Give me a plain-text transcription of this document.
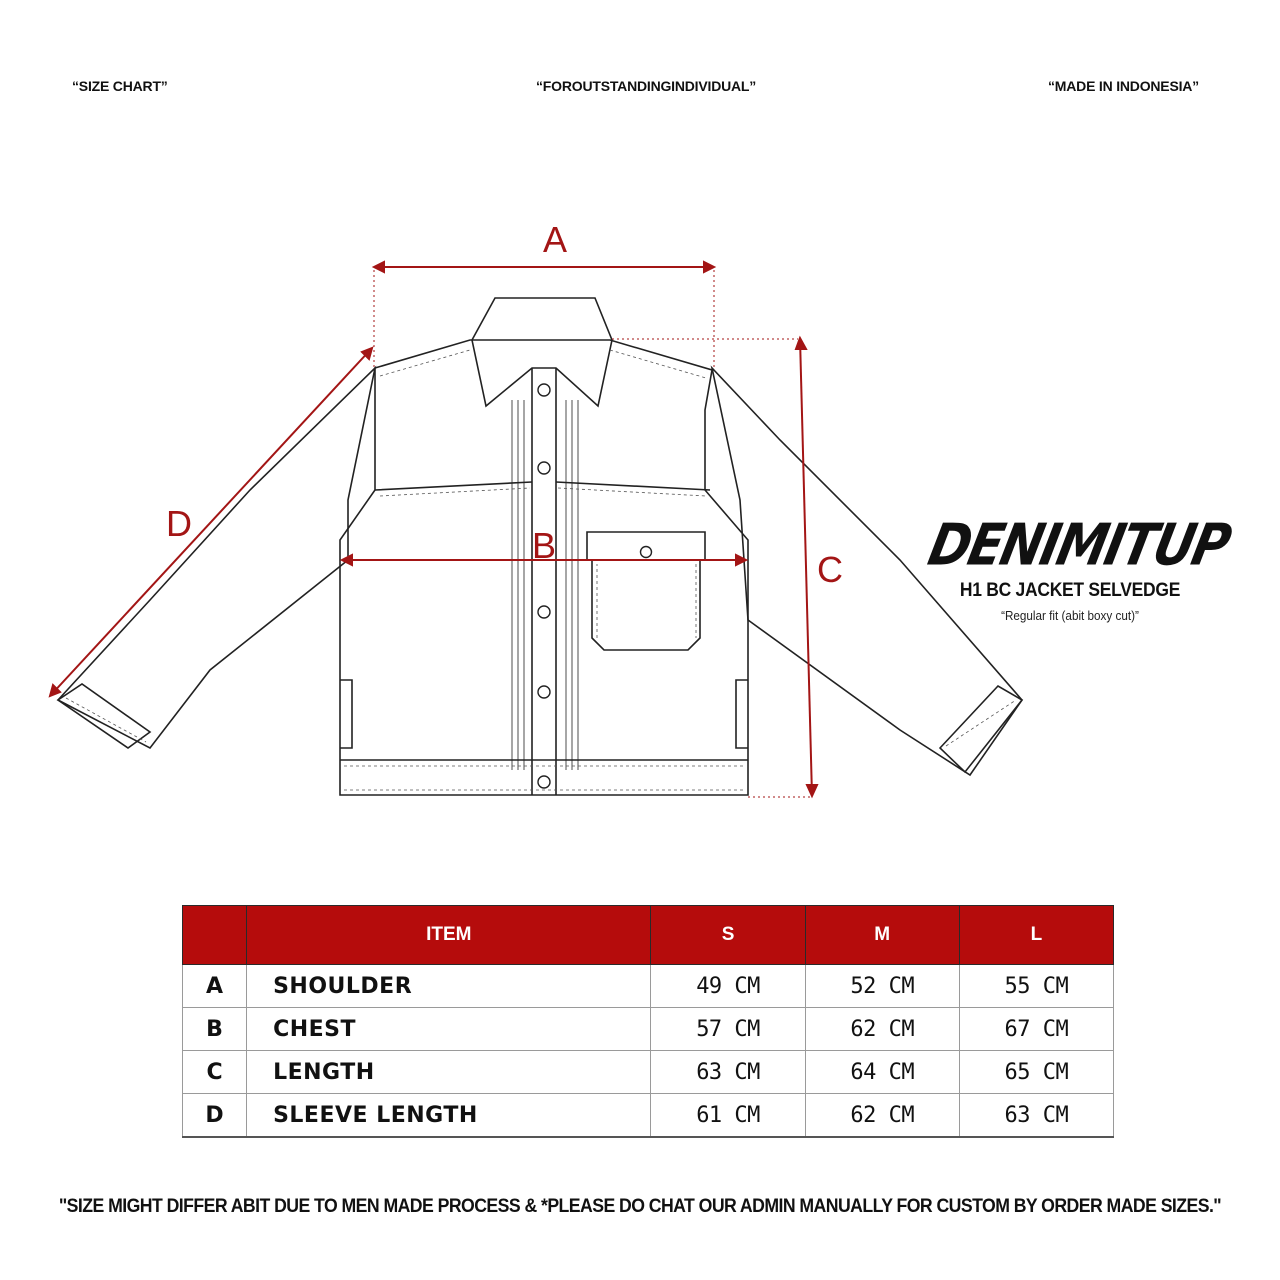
“SIZE CHART”	“FOROUTSTANDINGINDIVIDUAL”	“MADE IN INDONESIA”
A
B
C
D	DENIMITUP
H1 BC JACKET SELVEDGE
“Regular fit (abit boxy cut)”
	ITEM	S	M	L
A	SHOULDER	49 CM	52 CM	55 CM
B	CHEST	57 CM	62 CM	67 CM
C	LENGTH	63 CM	64 CM	65 CM
D	SLEEVE LENGTH	61 CM	62 CM	63 CM
"SIZE MIGHT DIFFER ABIT DUE TO MEN MADE PROCESS & *PLEASE DO CHAT OUR ADMIN MANUALLY FOR CUSTOM BY ORDER MADE SIZES."
